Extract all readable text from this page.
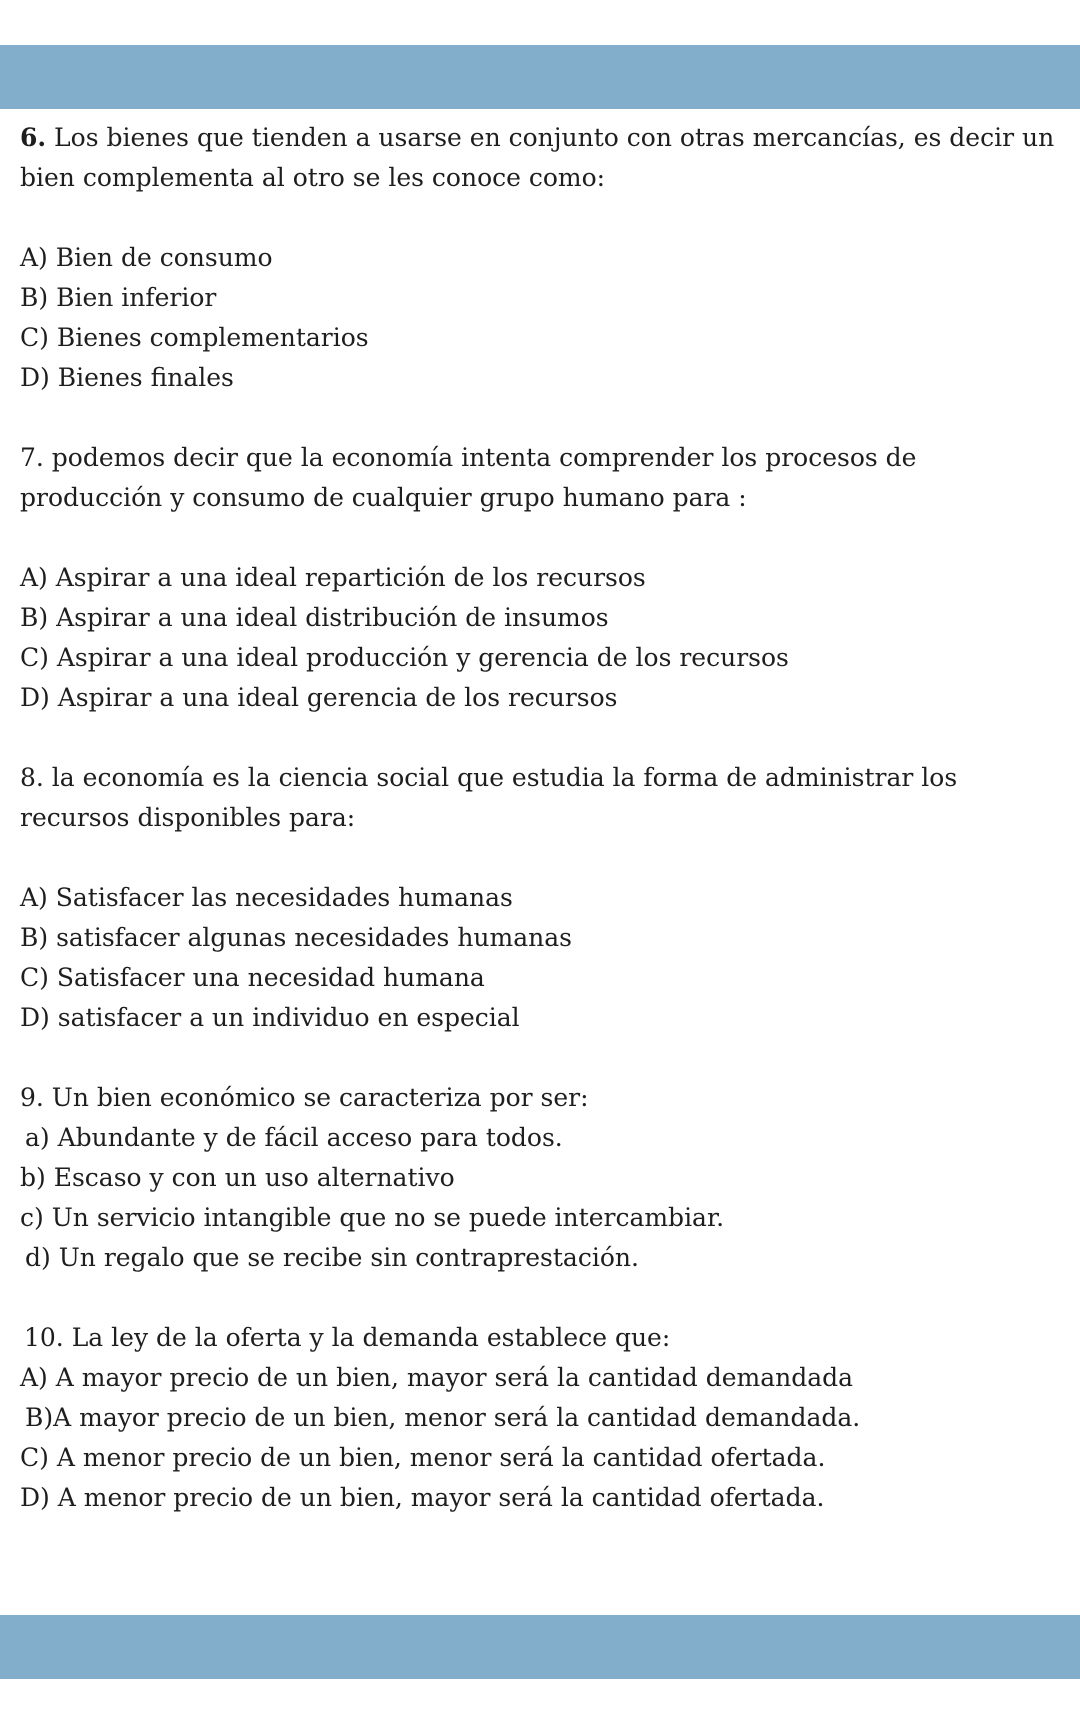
6. Los bienes que tienden a usarse en conjunto con otras mercancías, es decir un bien complementa al otro se les conoce como:

A) Bien de consumo

B) Bien inferior

C) Bienes complementarios

D) Bienes finales

7. podemos decir que la economía intenta comprender los procesos de producción y consumo de cualquier grupo humano para :

A) Aspirar a una ideal repartición de los recursos

B) Aspirar a una ideal distribución de insumos

C) Aspirar a una ideal producción y gerencia de los recursos

D) Aspirar a una ideal gerencia de los recursos

8. la economía es la ciencia social que estudia la forma de administrar los recursos disponibles para:

A) Satisfacer las necesidades humanas

B) satisfacer algunas necesidades humanas

C) Satisfacer una necesidad humana

D) satisfacer a un individuo en especial

9. Un bien económico se caracteriza por ser:

a) Abundante y de fácil acceso para todos.

b) Escaso y con un uso alternativo

c) Un servicio intangible que no se puede intercambiar.

d) Un regalo que se recibe sin contraprestación.

10. La ley de la oferta y la demanda establece que:

A) A mayor precio de un bien, mayor será la cantidad demandada

B)A mayor precio de un bien, menor será la cantidad demandada.

C) A menor precio de un bien, menor será la cantidad ofertada.

D) A menor precio de un bien, mayor será la cantidad ofertada.
